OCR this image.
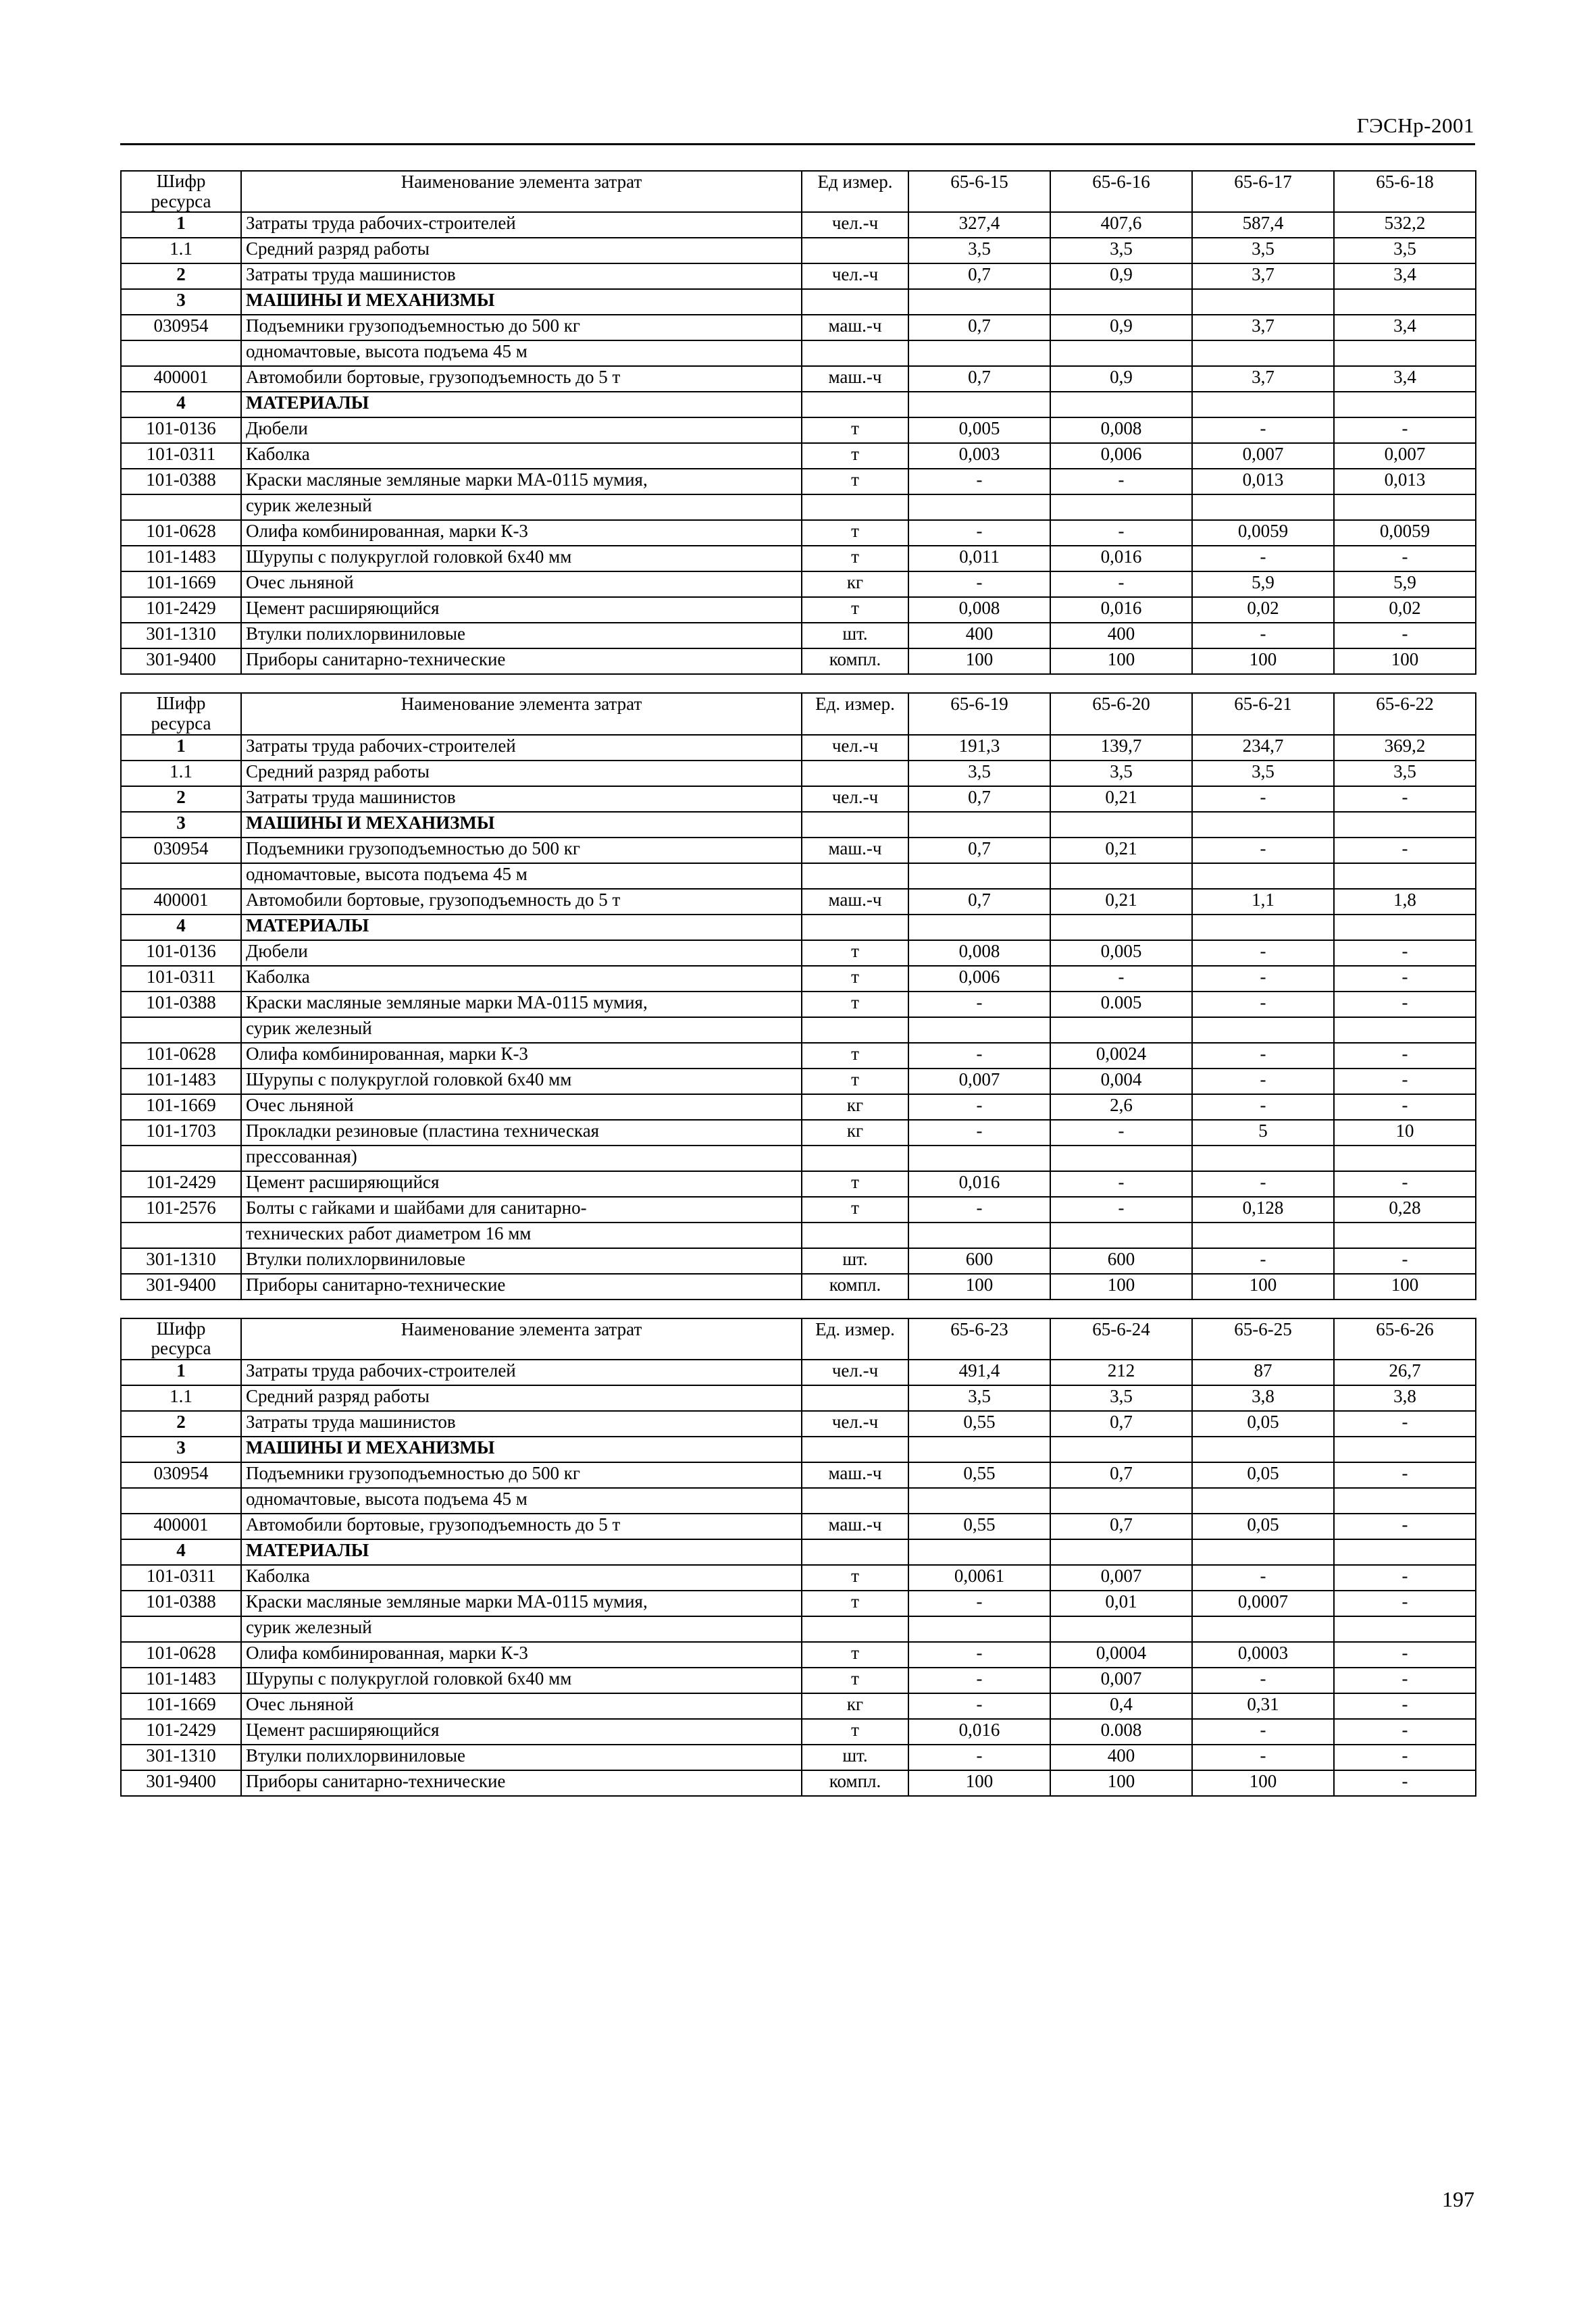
ГЭСНр-2001
Шифр
ресурса	Наименование элемента затрат	Ед измер.	65-6-15	65-6-16	65-6-17	65-6-18
1	Затраты труда рабочих-строителей	чел.-ч	327,4	407,6	587,4	532,2
1.1	Средний разряд работы		3,5	3,5	3,5	3,5
2	Затраты труда машинистов	чел.-ч	0,7	0,9	3,7	3,4
3	МАШИНЫ И МЕХАНИЗМЫ					
030954	Подъемники грузоподъемностью до 500 кг	маш.-ч	0,7	0,9	3,7	3,4
	одномачтовые, высота подъема 45 м					
400001	Автомобили бортовые, грузоподъемность до 5 т	маш.-ч	0,7	0,9	3,7	3,4
4	МАТЕРИАЛЫ					
101-0136	Дюбели	т	0,005	0,008	-	-
101-0311	Каболка	т	0,003	0,006	0,007	0,007
101-0388	Краски масляные земляные марки МА-0115 мумия,	т	-	-	0,013	0,013
	сурик железный					
101-0628	Олифа комбинированная, марки К-3	т	-	-	0,0059	0,0059
101-1483	Шурупы с полукруглой головкой 6х40 мм	т	0,011	0,016	-	-
101-1669	Очес льняной	кг	-	-	5,9	5,9
101-2429	Цемент расширяющийся	т	0,008	0,016	0,02	0,02
301-1310	Втулки полихлорвиниловые	шт.	400	400	-	-
301-9400	Приборы санитарно-технические	компл.	100	100	100	100
Шифр
ресурса	Наименование элемента затрат	Ед. измер.	65-6-19	65-6-20	65-6-21	65-6-22
1	Затраты труда рабочих-строителей	чел.-ч	191,3	139,7	234,7	369,2
1.1	Средний разряд работы		3,5	3,5	3,5	3,5
2	Затраты труда машинистов	чел.-ч	0,7	0,21	-	-
3	МАШИНЫ И МЕХАНИЗМЫ					
030954	Подъемники грузоподъемностью до 500 кг	маш.-ч	0,7	0,21	-	-
	одномачтовые, высота подъема 45 м					
400001	Автомобили бортовые, грузоподъемность до 5 т	маш.-ч	0,7	0,21	1,1	1,8
4	МАТЕРИАЛЫ					
101-0136	Дюбели	т	0,008	0,005	-	-
101-0311	Каболка	т	0,006	-	-	-
101-0388	Краски масляные земляные марки МА-0115 мумия,	т	-	0.005	-	-
	сурик железный					
101-0628	Олифа комбинированная, марки К-3	т	-	0,0024	-	-
101-1483	Шурупы с полукруглой головкой 6х40 мм	т	0,007	0,004	-	-
101-1669	Очес льняной	кг	-	2,6	-	-
101-1703	Прокладки резиновые (пластина техническая	кг	-	-	5	10
	прессованная)					
101-2429	Цемент расширяющийся	т	0,016	-	-	-
101-2576	Болты с гайками и шайбами для санитарно-	т	-	-	0,128	0,28
	технических работ диаметром 16 мм					
301-1310	Втулки полихлорвиниловые	шт.	600	600	-	-
301-9400	Приборы санитарно-технические	компл.	100	100	100	100
Шифр
ресурса	Наименование элемента затрат	Ед. измер.	65-6-23	65-6-24	65-6-25	65-6-26
1	Затраты труда рабочих-строителей	чел.-ч	491,4	212	87	26,7
1.1	Средний разряд работы		3,5	3,5	3,8	3,8
2	Затраты труда машинистов	чел.-ч	0,55	0,7	0,05	-
3	МАШИНЫ И МЕХАНИЗМЫ					
030954	Подъемники грузоподъемностью до 500 кг	маш.-ч	0,55	0,7	0,05	-
	одномачтовые, высота подъема 45 м					
400001	Автомобили бортовые, грузоподъемность до 5 т	маш.-ч	0,55	0,7	0,05	-
4	МАТЕРИАЛЫ					
101-0311	Каболка	т	0,0061	0,007	-	-
101-0388	Краски масляные земляные марки МА-0115 мумия,	т	-	0,01	0,0007	-
	сурик железный					
101-0628	Олифа комбинированная, марки К-3	т	-	0,0004	0,0003	-
101-1483	Шурупы с полукруглой головкой 6х40 мм	т	-	0,007	-	-
101-1669	Очес льняной	кг	-	0,4	0,31	-
101-2429	Цемент расширяющийся	т	0,016	0.008	-	-
301-1310	Втулки полихлорвиниловые	шт.	-	400	-	-
301-9400	Приборы санитарно-технические	компл.	100	100	100	-
197
